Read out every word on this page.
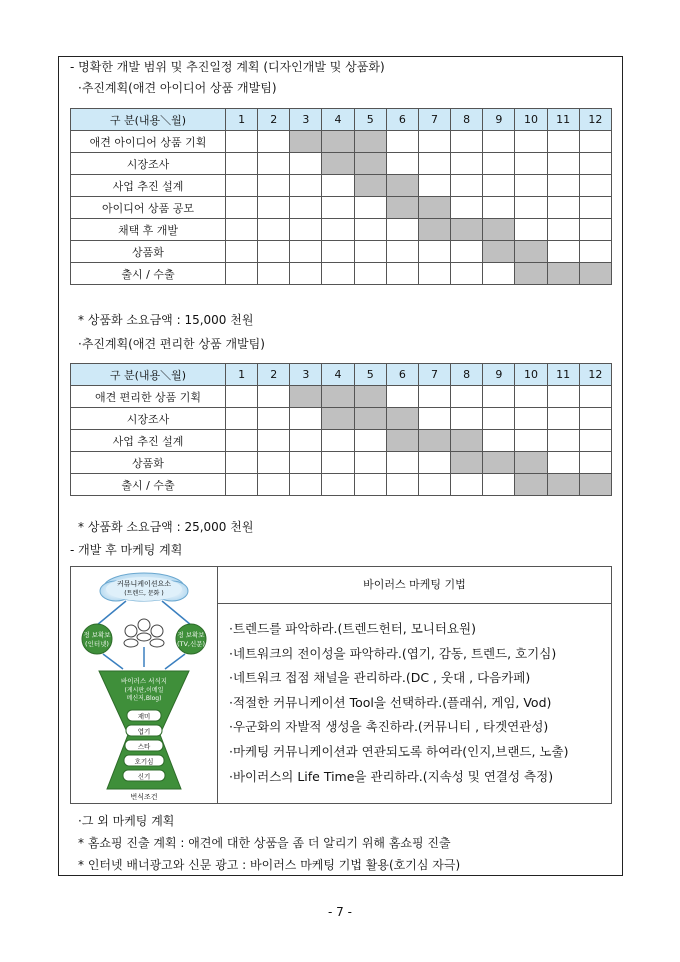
- 명확한 개발 범위 및 추진일정 계획 (디자인개발 및 상품화)
·추진계획(애견 아이디어 상품 개발팀)
구 분(내용＼월)	1	2	3	4	5	6	7	8	9	10	11	12
애견 아이디어 상품 기획												
시장조사												
사업 추진 설계												
아이디어 상품 공모												
채택 후 개발												
상품화												
출시 / 수출												
* 상품화 소요금액 : 15,000 천원
·추진계획(애견 편리한 상품 개발팀)
구 분(내용＼월)	1	2	3	4	5	6	7	8	9	10	11	12
애견 편리한 상품 기획												
시장조사												
사업 추진 설계												
상품화												
출시 / 수출												
* 상품화 소요금액 : 25,000 천원
- 개발 후 마케팅 계획
커뮤니케이션요소
(트렌드, 문화 )
정 보확보
(인터넷)
정 보확보
(TV,신문)
바이러스 서식지
(게시판,이메일
메신저,Blog)
재미
엽기
스타
호기심
신기
번식조건
바이러스 마케팅 기법
·트렌드를 파악하라.(트렌드헌터, 모니터요원)
·네트워크의 전이성을 파악하라.(엽기, 감동, 트렌드, 호기심)
·네트워크 접점 채널을 관리하라.(DC , 웃대 , 다음카페)
·적절한 커뮤니케이션 Tool을 선택하라.(플래쉬, 게임, Vod)
·우군화의 자발적 생성을 촉진하라.(커뮤니티 , 타겟연관성)
·마케팅 커뮤니케이션과 연관되도록 하여라(인지,브랜드, 노출)
·바이러스의 Life Time을 관리하라.(지속성 및 연결성 측정)
·그 외 마케팅 계획
* 홈쇼핑 진출 계획 : 애견에 대한 상품을 좀 더 알리기 위해 홈쇼핑 진출
* 인터넷 배너광고와 신문 광고 : 바이러스 마케팅 기법 활용(호기심 자극)
- 7 -
